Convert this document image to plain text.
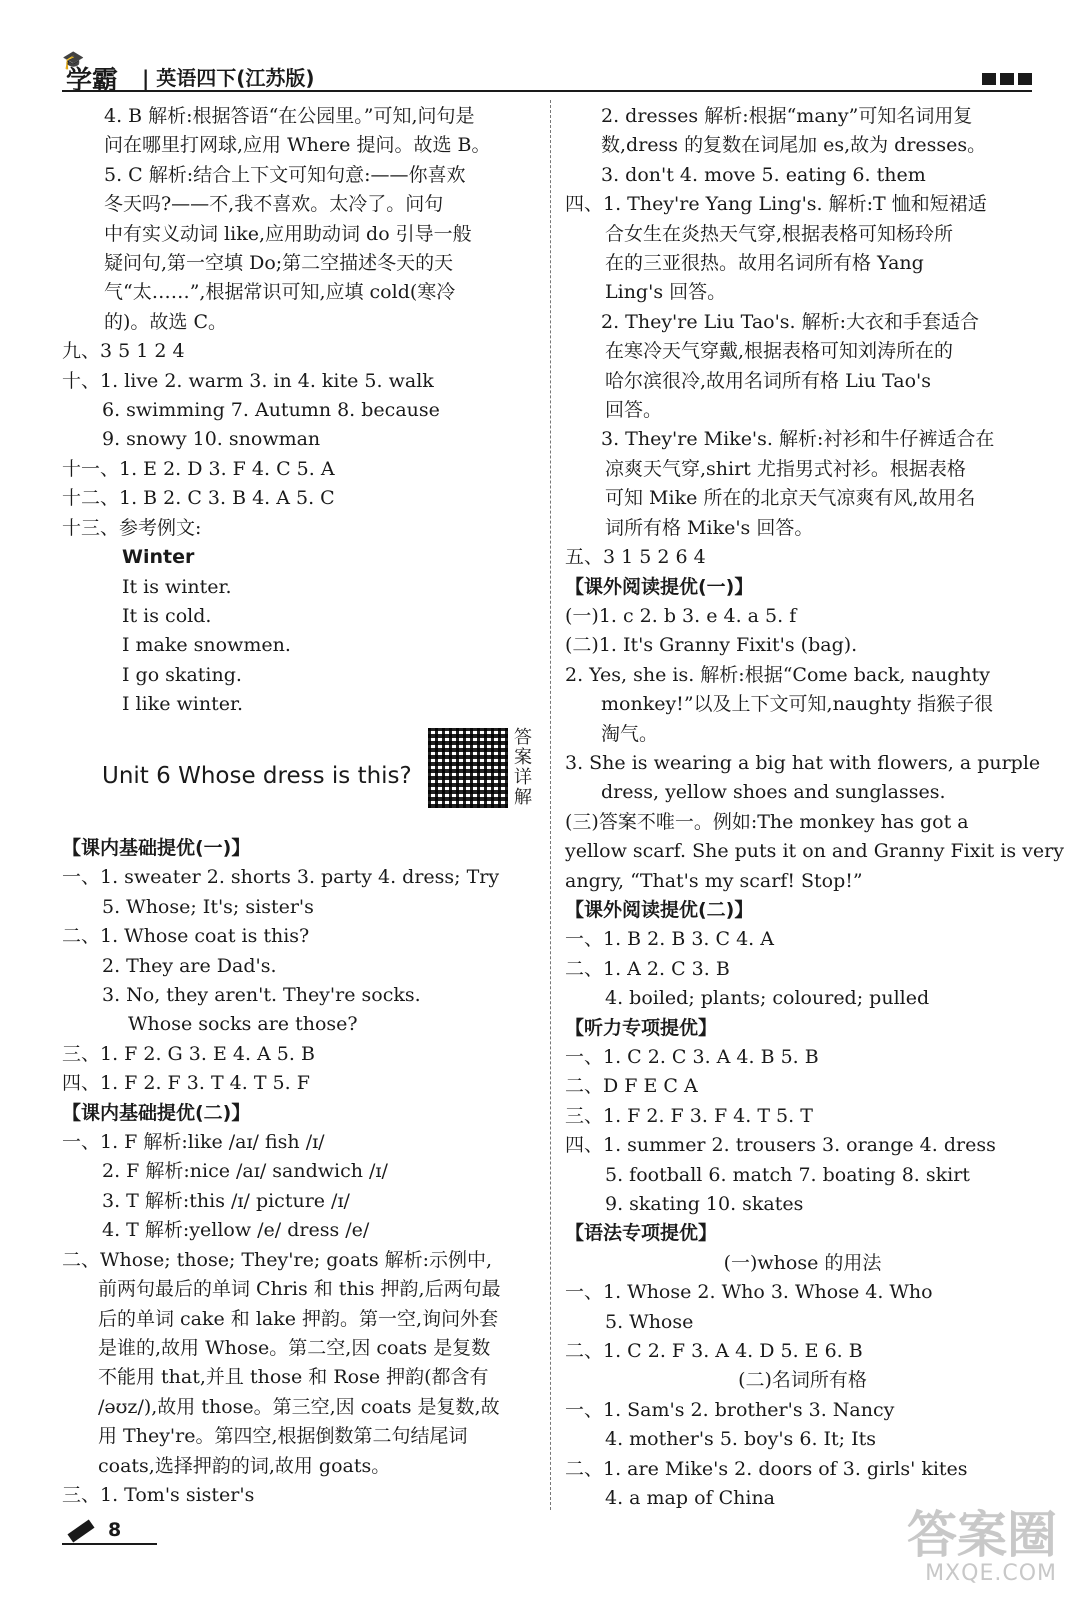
🎓
学霸 | 英语四下(江苏版)
4. B 解析:根据答语“在公园里。”可知,问句是
问在哪里打网球,应用 Where 提问。故选 B。
5. C 解析:结合上下文可知句意:——你喜欢
冬天吗?——不,我不喜欢。太冷了。问句
中有实义动词 like,应用助动词 do 引导一般
疑问句,第一空填 Do;第二空描述冬天的天
气“太……”,根据常识可知,应填 cold(寒冷
的)。故选 C。
九、3 5 1 2 4
十、1. live 2. warm 3. in 4. kite 5. walk
6. swimming 7. Autumn 8. because
9. snowy 10. snowman
十一、1. E 2. D 3. F 4. C 5. A
十二、1. B 2. C 3. B 4. A 5. C
十三、参考例文:
Winter
It is winter.
It is cold.
I make snowmen.
I go skating.
I like winter.
Unit 6 Whose dress is this?
答案详解
【课内基础提优(一)】
一、1. sweater 2. shorts 3. party 4. dress; Try
5. Whose; It's; sister's
二、1. Whose coat is this?
2. They are Dad's.
3. No, they aren't. They're socks.
Whose socks are those?
三、1. F 2. G 3. E 4. A 5. B
四、1. F 2. F 3. T 4. T 5. F
【课内基础提优(二)】
一、1. F 解析:like /aɪ/ fish /ɪ/
2. F 解析:nice /aɪ/ sandwich /ɪ/
3. T 解析:this /ɪ/ picture /ɪ/
4. T 解析:yellow /e/ dress /e/
二、Whose; those; They're; goats 解析:示例中,
前两句最后的单词 Chris 和 this 押韵,后两句最
后的单词 cake 和 lake 押韵。第一空,询问外套
是谁的,故用 Whose。第二空,因 coats 是复数
不能用 that,并且 those 和 Rose 押韵(都含有
/əʊz/),故用 those。第三空,因 coats 是复数,故
用 They're。第四空,根据倒数第二句结尾词
coats,选择押韵的词,故用 goats。
三、1. Tom's sister's
2. dresses 解析:根据“many”可知名词用复
数,dress 的复数在词尾加 es,故为 dresses。
3. don't 4. move 5. eating 6. them
四、1. They're Yang Ling's. 解析:T 恤和短裙适
合女生在炎热天气穿,根据表格可知杨玲所
在的三亚很热。故用名词所有格 Yang
Ling's 回答。
2. They're Liu Tao's. 解析:大衣和手套适合
在寒冷天气穿戴,根据表格可知刘涛所在的
哈尔滨很冷,故用名词所有格 Liu Tao's
回答。
3. They're Mike's. 解析:衬衫和牛仔裤适合在
凉爽天气穿,shirt 尤指男式衬衫。根据表格
可知 Mike 所在的北京天气凉爽有风,故用名
词所有格 Mike's 回答。
五、3 1 5 2 6 4
【课外阅读提优(一)】
(一)1. c 2. b 3. e 4. a 5. f
(二)1. It's Granny Fixit's (bag).
2. Yes, she is. 解析:根据“Come back, naughty
monkey!”以及上下文可知,naughty 指猴子很
淘气。
3. She is wearing a big hat with flowers, a purple
dress, yellow shoes and sunglasses.
(三)答案不唯一。例如:The monkey has got a
yellow scarf. She puts it on and Granny Fixit is very
angry, “That's my scarf! Stop!”
【课外阅读提优(二)】
一、1. B 2. B 3. C 4. A
二、1. A 2. C 3. B
4. boiled; plants; coloured; pulled
【听力专项提优】
一、1. C 2. C 3. A 4. B 5. B
二、D F E C A
三、1. F 2. F 3. F 4. T 5. T
四、1. summer 2. trousers 3. orange 4. dress
5. football 6. match 7. boating 8. skirt
9. skating 10. skates
【语法专项提优】
(一)whose 的用法
一、1. Whose 2. Who 3. Whose 4. Who
5. Whose
二、1. C 2. F 3. A 4. D 5. E 6. B
(二)名词所有格
一、1. Sam's 2. brother's 3. Nancy
4. mother's 5. boy's 6. It; Its
二、1. are Mike's 2. doors of 3. girls' kites
4. a map of China
8	答案圈
MXQE.COM
